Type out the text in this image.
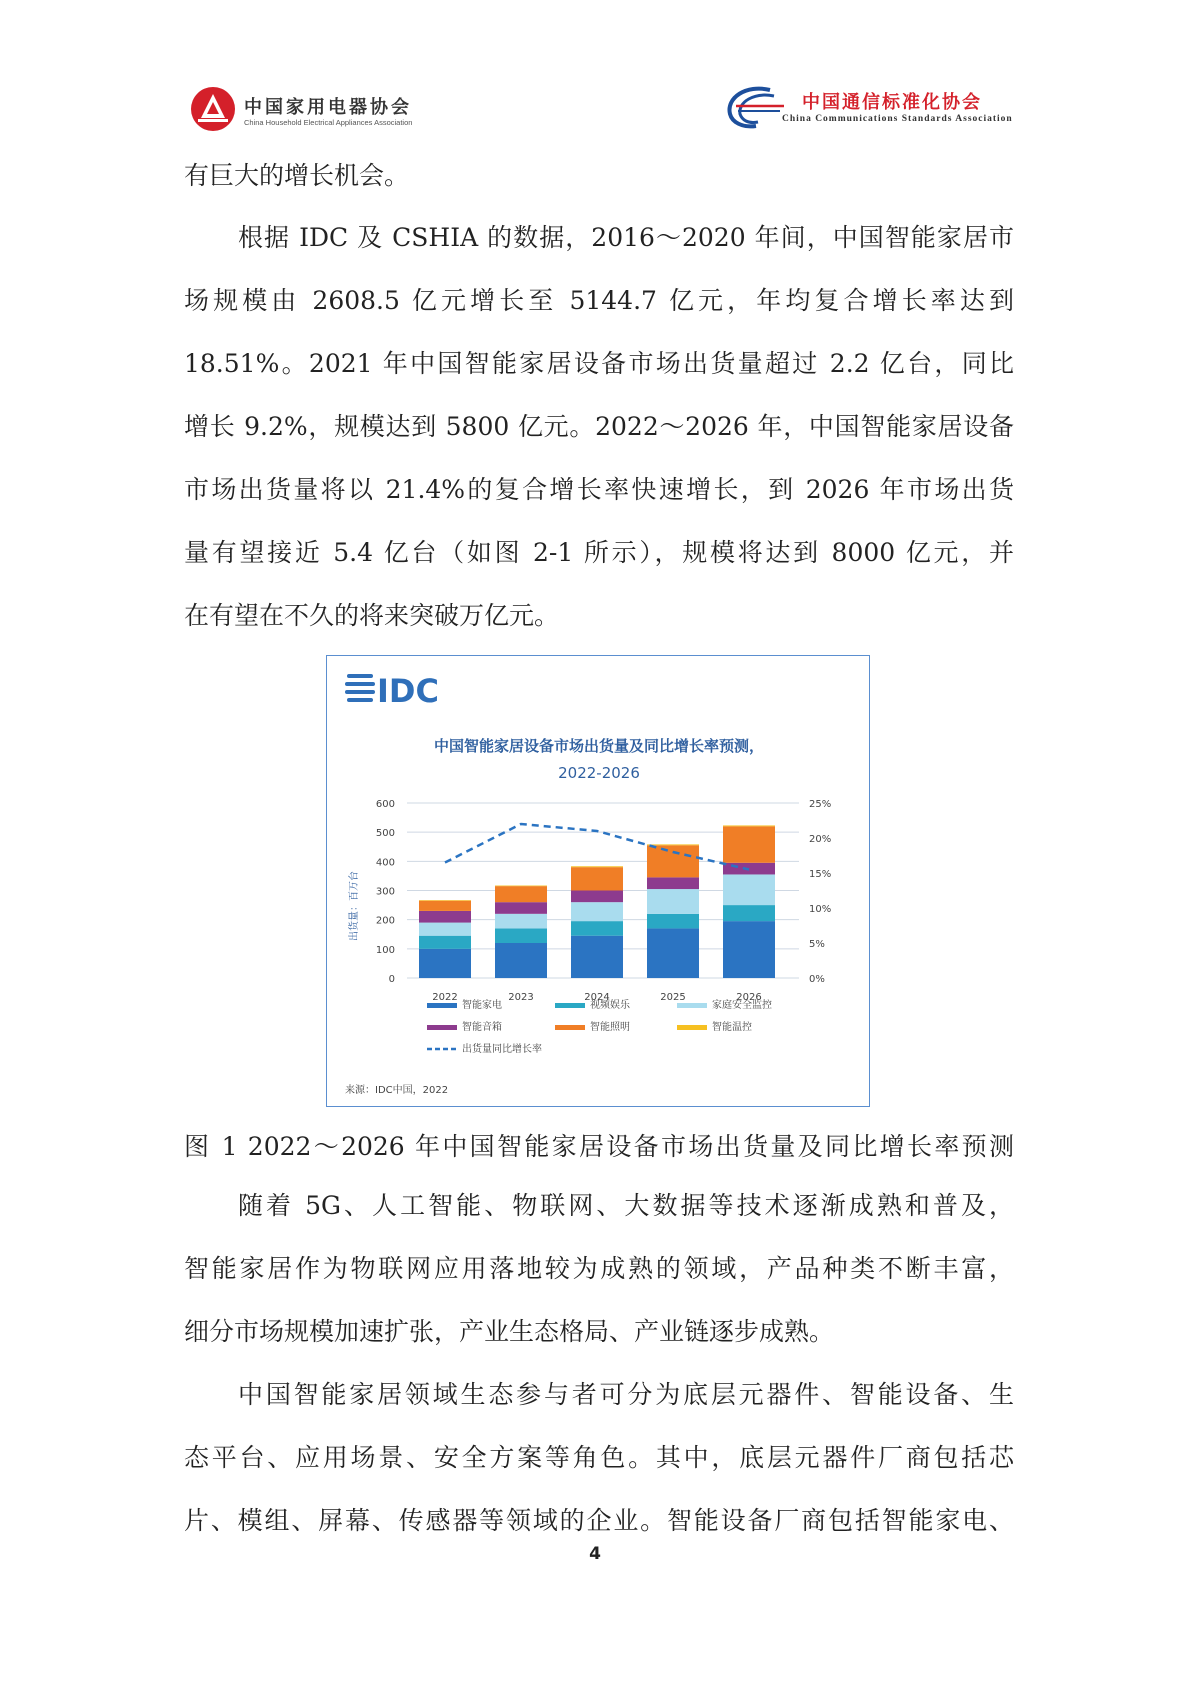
中国家用电器协会
China Household Electrical Appliances Association
中国通信标准化协会
China Communications Standards Association
有巨大的增长机会。
根据 IDC 及 CSHIA 的数据，2016～2020 年间，中国智能家居市
场规模由 2608.5 亿元增长至 5144.7 亿元，年均复合增长率达到
18.51%。2021 年中国智能家居设备市场出货量超过 2.2 亿台，同比
增长 9.2%，规模达到 5800 亿元。2022～2026 年，中国智能家居设备
市场出货量将以 21.4%的复合增长率快速增长，到 2026 年市场出货
量有望接近 5.4 亿台（如图 2-1 所示），规模将达到 8000 亿元，并
在有望在不久的将来突破万亿元。
IDC
中国智能家居设备市场出货量及同比增长率预测，
2022-2026
出货量：百万台
0
100
200
300
400
500
600
0%
5%
10%
15%
20%
25%
2022	2023	2024	2025	2026
智能家电	视频娱乐	家庭安全监控
智能音箱	智能照明	智能温控
出货量同比增长率
来源：IDC中国，2022
图 1 2022～2026 年中国智能家居设备市场出货量及同比增长率预测
随着 5G、人工智能、物联网、大数据等技术逐渐成熟和普及，
智能家居作为物联网应用落地较为成熟的领域，产品种类不断丰富，
细分市场规模加速扩张，产业生态格局、产业链逐步成熟。
中国智能家居领域生态参与者可分为底层元器件、智能设备、生
态平台、应用场景、安全方案等角色。其中，底层元器件厂商包括芯
片、模组、屏幕、传感器等领域的企业。智能设备厂商包括智能家电、
4
